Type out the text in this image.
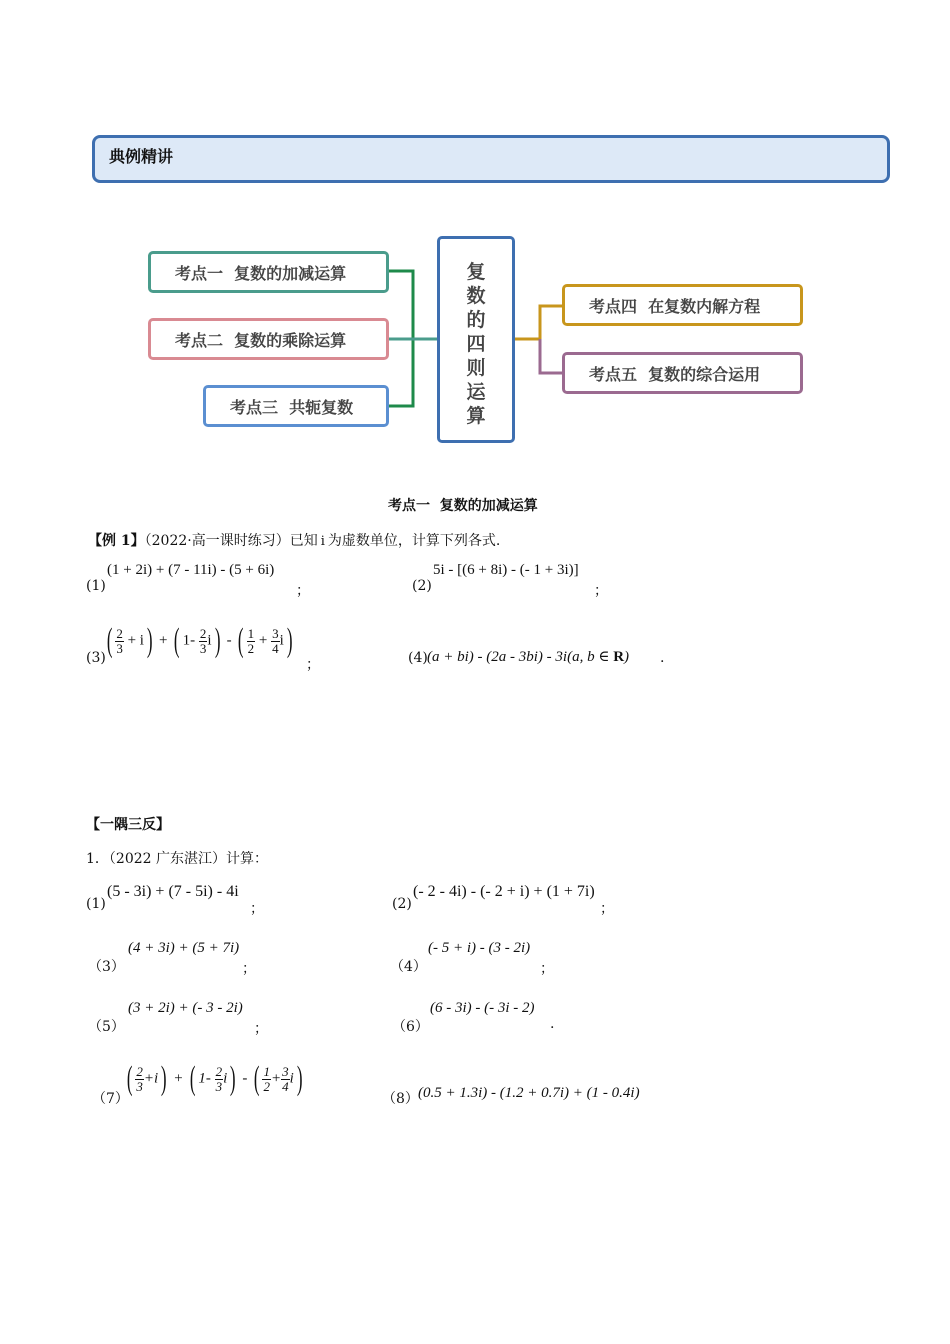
典例精讲
考点一  复数的加减运算
考点二  复数的乘除运算
考点三  共轭复数
考点四  在复数内解方程
考点五  复数的综合运用
复
数
的
四
则
运
算
考点一  复数的加减运算
【例 1】（2022·高一课时练习）已知 i 为虚数单位，计算下列各式.
(1)
(1 + 2i) + (7 - 11i) - (5 + 6i)
；	(2)
5i - [(6 + 8i) - (- 1 + 3i)]
；
(3) ( $\frac{2}{3} + i$) + ( $1- \frac{2}{3} i$) - ( $\frac{1}{2} + \frac{3}{4} i$)
；	(4) (a + bi) - (2a - 3bi) - 3i(a, b ∈ R) .
【一隅三反】
1．（2022 广东湛江）计算：
(1)
(5 - 3i) + (7 - 5i) - 4i
；	(2)
(- 2 - 4i) - (- 2 + i) + (1 + 7i)
；
（3）
(4 + 3i) + (5 + 7i)
；	（4）
(- 5 + i) - (3 - 2i)
；
（5）
(3 + 2i) + (- 3 - 2i)
；	（6）
(6 - 3i) - (- 3i - 2)
.
（7）
( $\frac{2}{3} +i$) + ( $1- \frac{2}{3} i$) - ( $\frac{1}{2} + \frac{3}{4} i$)
（8） (0.5 + 1.3i) - (1.2 + 0.7i) + (1 - 0.4i)
